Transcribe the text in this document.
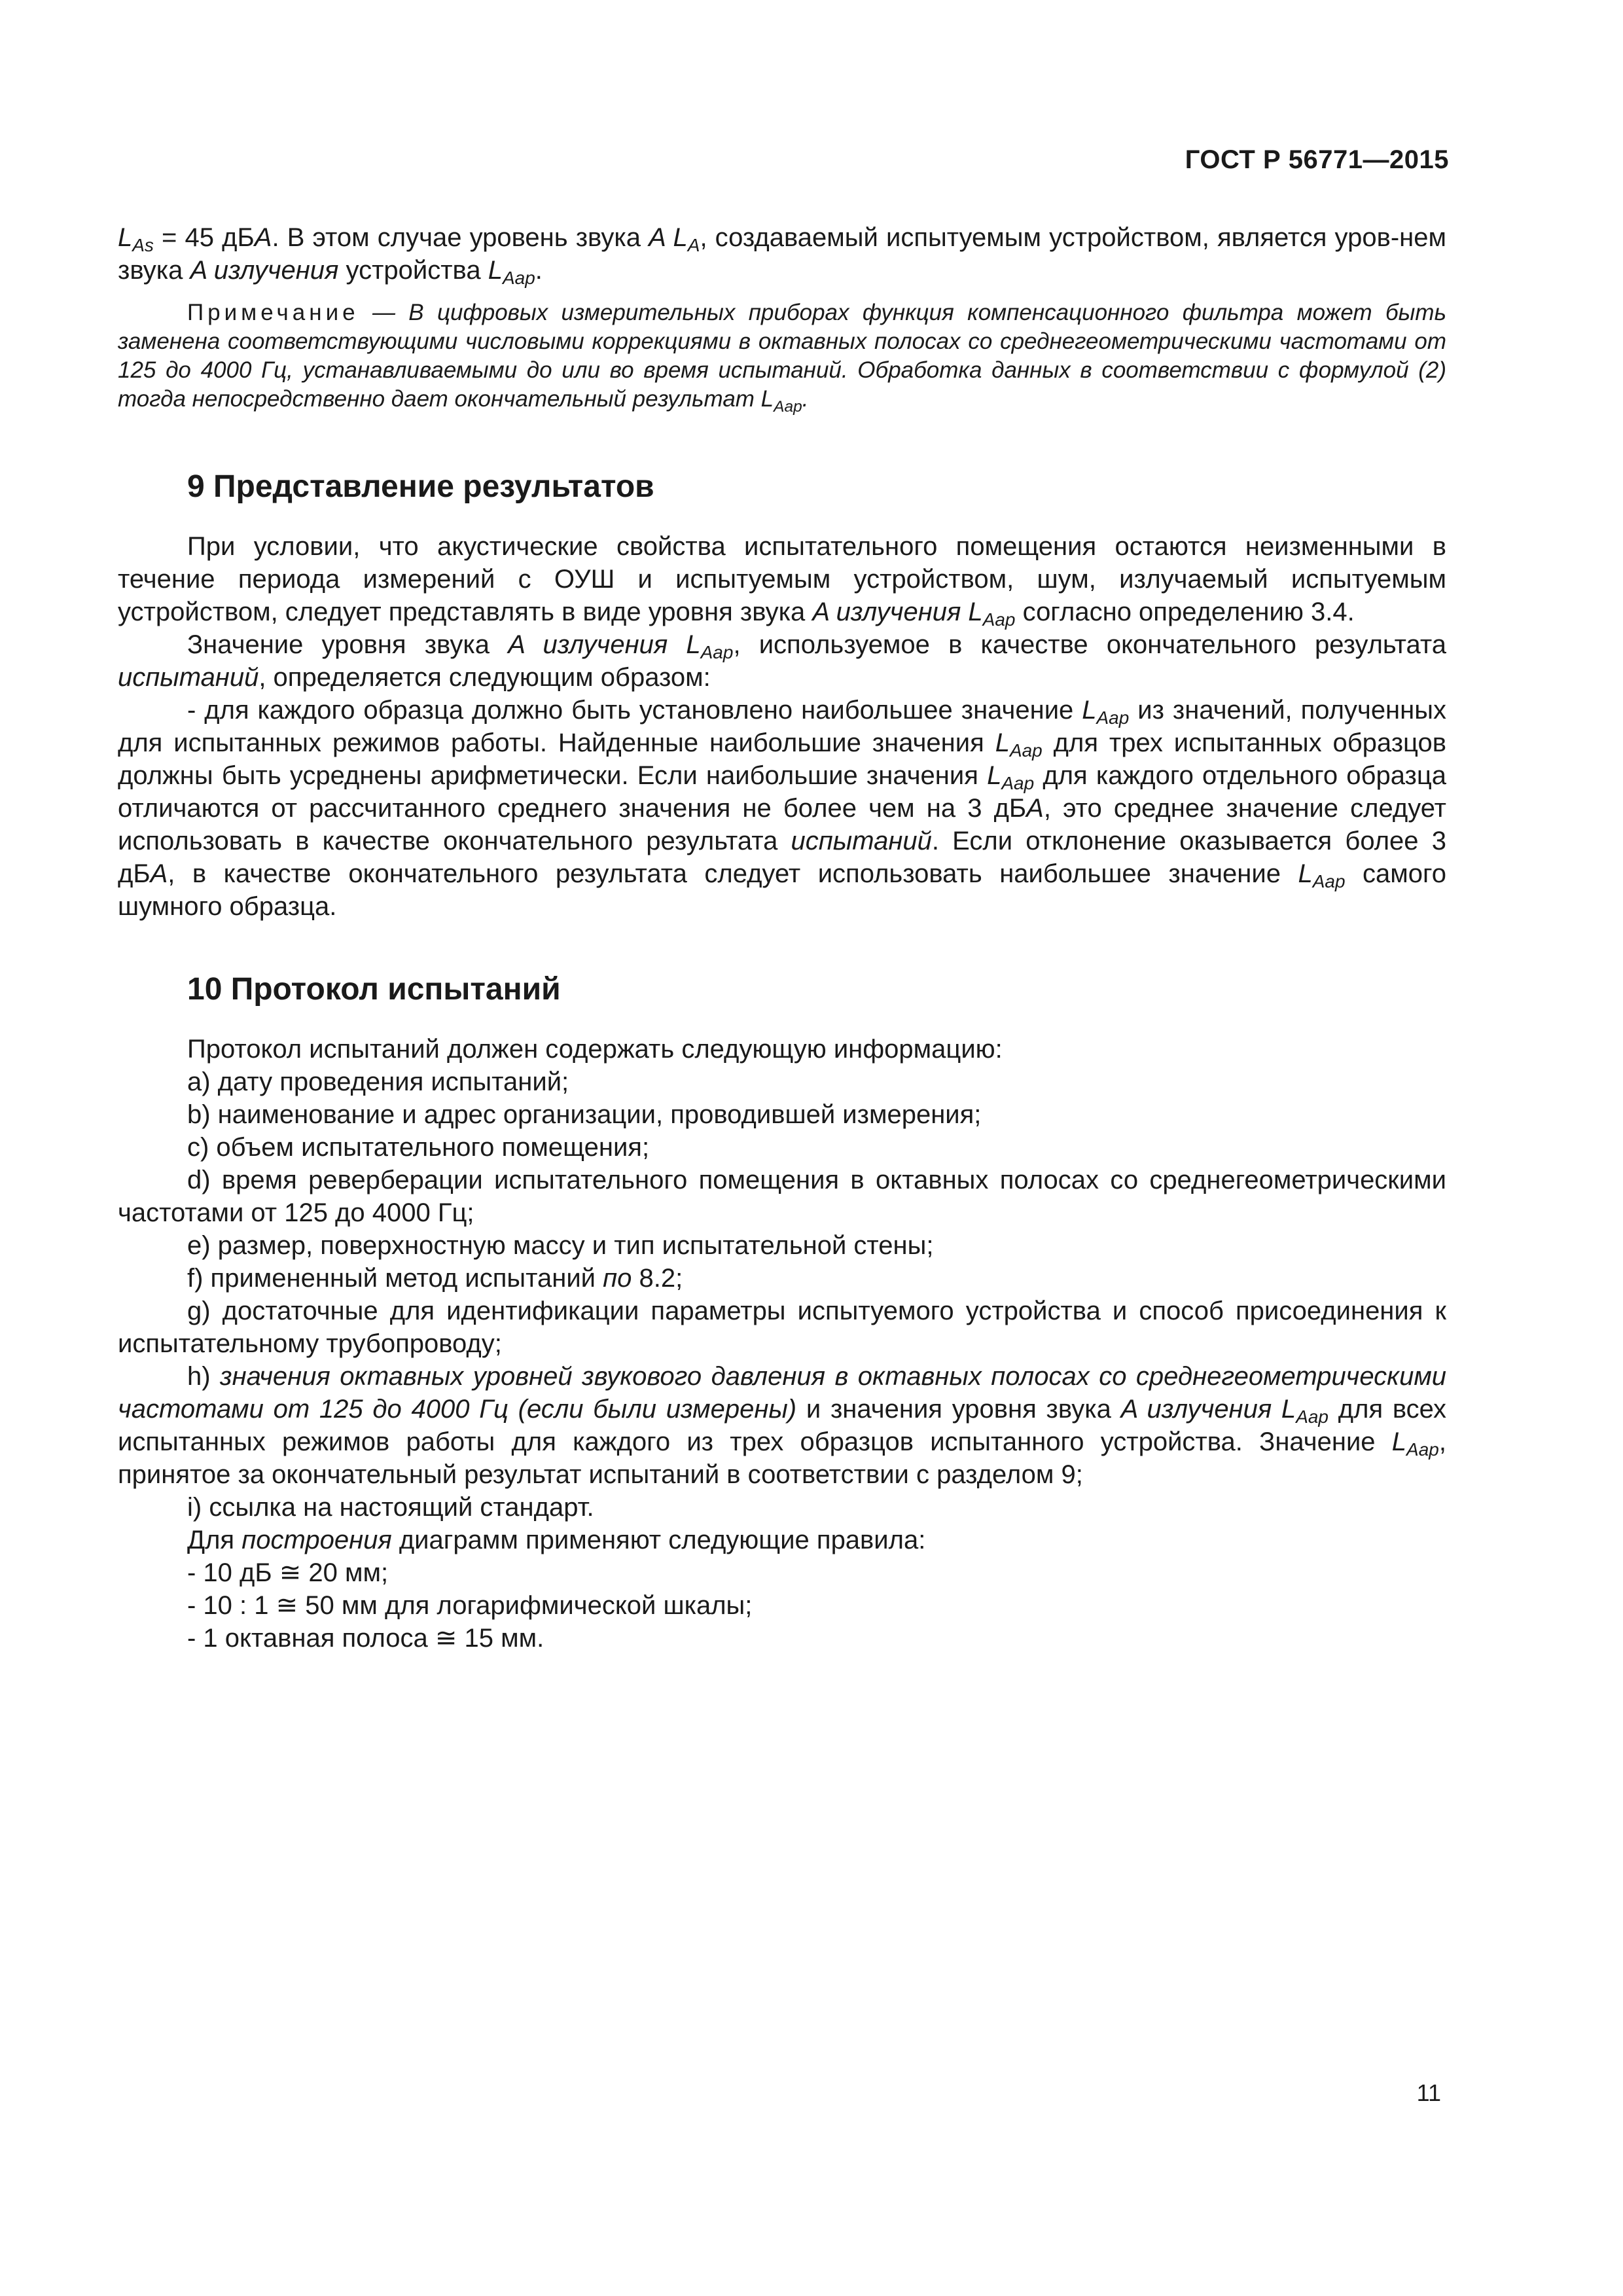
ГОСТ Р 56771—2015

$L_{As} = 45$ дБA. В этом случае уровень звука A $L_A$, создаваемый испытуемым устройством, является уров-нем звука A излучения устройства $L_{Aap}$.

Примечание — В цифровых измерительных приборах функция компенсационного фильтра может быть заменена соответствующими числовыми коррекциями в октавных полосах со среднегеометрическими частотами от 125 до 4000 Гц, устанавливаемыми до или во время испытаний. Обработка данных в соответствии с формулой (2) тогда непосредственно дает окончательный результат $L_{Aap}$.

9 Представление результатов

При условии, что акустические свойства испытательного помещения остаются неизменными в течение периода измерений с ОУШ и испытуемым устройством, шум, излучаемый испытуемым устройством, следует представлять в виде уровня звука A излучения $L_{Aap}$ согласно определению 3.4.

Значение уровня звука A излучения $L_{Aap}$, используемое в качестве окончательного результата испытаний, определяется следующим образом:

- для каждого образца должно быть установлено наибольшее значение $L_{Aap}$ из значений, полученных для испытанных режимов работы. Найденные наибольшие значения $L_{Aap}$ для трех испытанных образцов должны быть усреднены арифметически. Если наибольшие значения $L_{Aap}$ для каждого отдельного образца отличаются от рассчитанного среднего значения не более чем на 3 дБA, это среднее значение следует использовать в качестве окончательного результата испытаний. Если отклонение оказывается более 3 дБA, в качестве окончательного результата следует использовать наибольшее значение $L_{Aap}$ самого шумного образца.

10 Протокол испытаний

Протокол испытаний должен содержать следующую информацию:

a) дату проведения испытаний;

b) наименование и адрес организации, проводившей измерения;

c) объем испытательного помещения;

d) время реверберации испытательного помещения в октавных полосах со среднегеометрическими частотами от 125 до 4000 Гц;

e) размер, поверхностную массу и тип испытательной стены;

f) примененный метод испытаний по 8.2;

g) достаточные для идентификации параметры испытуемого устройства и способ присоединения к испытательному трубопроводу;

h) значения октавных уровней звукового давления в октавных полосах со среднегеометрическими частотами от 125 до 4000 Гц (если были измерены) и значения уровня звука A излучения $L_{Aap}$ для всех испытанных режимов работы для каждого из трех образцов испытанного устройства. Значение $L_{Aap}$, принятое за окончательный результат испытаний в соответствии с разделом 9;

i) ссылка на настоящий стандарт.

Для построения диаграмм применяют следующие правила:

- 10 дБ ≅ 20 мм;

- 10 : 1 ≅ 50 мм для логарифмической шкалы;

- 1 октавная полоса ≅ 15 мм.

11
